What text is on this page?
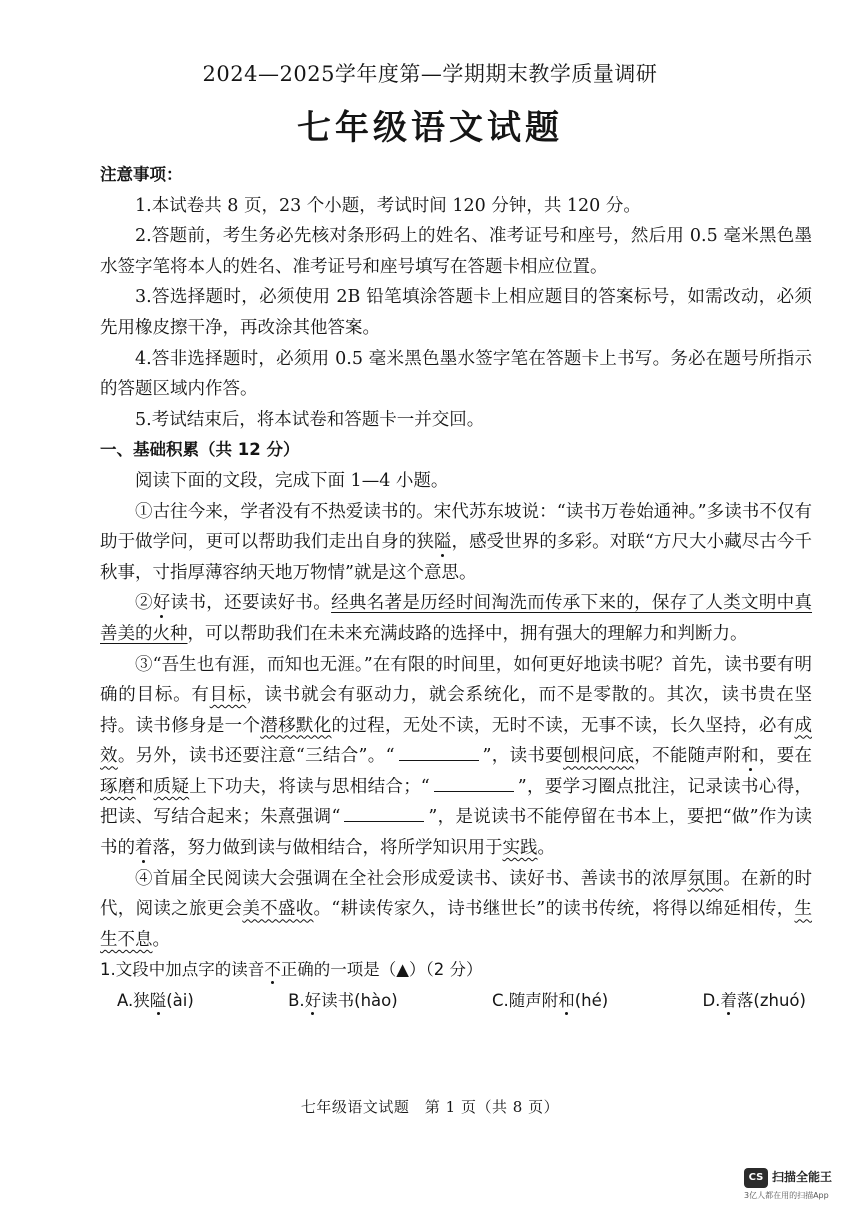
2024—2025学年度第—学期期末教学质量调研
七年级语文试题

注意事项：

1.本试卷共 8 页，23 个小题，考试时间 120 分钟，共 120 分。

2.答题前，考生务必先核对条形码上的姓名、准考证号和座号，然后用 0.5 毫米黑色墨水签字笔将本人的姓名、准考证号和座号填写在答题卡相应位置。

3.答选择题时，必须使用 2B 铅笔填涂答题卡上相应题目的答案标号，如需改动，必须先用橡皮擦干净，再改涂其他答案。

4.答非选择题时，必须用 0.5 毫米黑色墨水签字笔在答题卡上书写。务必在题号所指示的答题区域内作答。

5.考试结束后，将本试卷和答题卡一并交回。

一、基础积累（共 12 分）

阅读下面的文段，完成下面 1—4 小题。

①古往今来，学者没有不热爱读书的。宋代苏东坡说：“读书万卷始通神。”多读书不仅有助于做学问，更可以帮助我们走出自身的狭隘，感受世界的多彩。对联“方尺大小藏尽古今千秋事，寸指厚薄容纳天地万物情”就是这个意思。

②好读书，还要读好书。经典名著是历经时间淘洗而传承下来的，保存了人类文明中真善美的火种，可以帮助我们在未来充满歧路的选择中，拥有强大的理解力和判断力。

③“吾生也有涯，而知也无涯。”在有限的时间里，如何更好地读书呢？首先，读书要有明确的目标。有目标，读书就会有驱动力，就会系统化，而不是零散的。其次，读书贵在坚持。读书修身是一个潜移默化的过程，无处不读，无时不读，无事不读，长久坚持，必有成效。另外，读书还要注意“三结合”。“	”，读书要刨根问底，不能随声附和，要在琢磨和质疑上下功夫，将读与思相结合；“	”，要学习圈点批注，记录读书心得，把读、写结合起来；朱熹强调“	”，是说读书不能停留在书本上，要把“做”作为读书的着落，努力做到读与做相结合，将所学知识用于实践。

④首届全民阅读大会强调在全社会形成爱读书、读好书、善读书的浓厚氛围。在新的时代，阅读之旅更会美不盛收。“耕读传家久，诗书继世长”的读书传统，将得以绵延相传，生生不息。

1.文段中加点字的读音不正确的一项是（▲）（2 分）

A.狭隘(ài)	B.好读书(hào)	C.随声附和(hé)	D.着落(zhuó)
七年级语文试题　第 1 页（共 8 页）
CS 扫描全能王
3亿人都在用的扫描App
